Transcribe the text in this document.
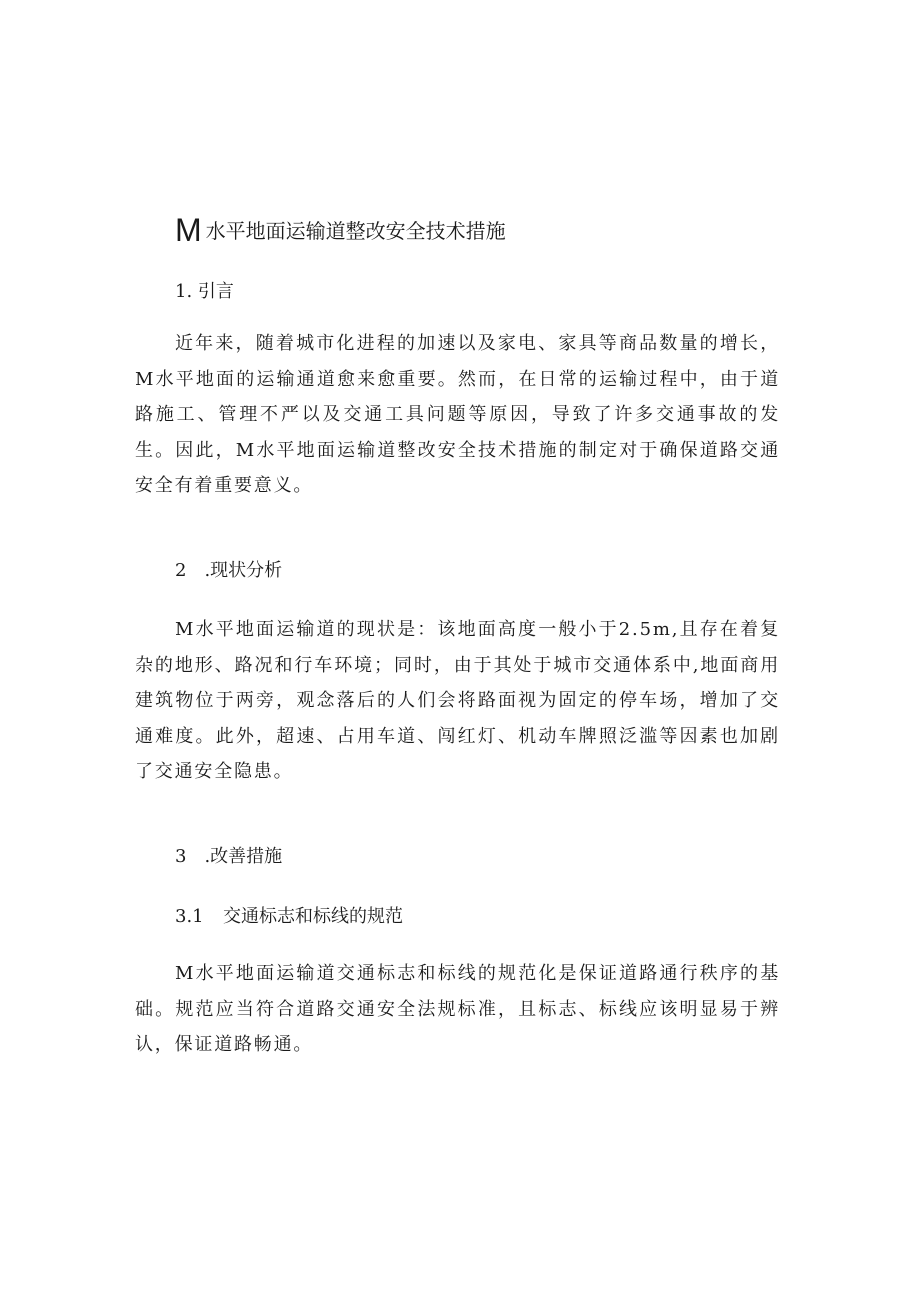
M水平地面运输道整改安全技术措施
1. 引言

近年来，随着城市化进程的加速以及家电、家具等商品数量的增长，M水平地面的运输通道愈来愈重要。然而，在日常的运输过程中，由于道路施工、管理不严以及交通工具问题等原因，导致了许多交通事故的发生。因此，M水平地面运输道整改安全技术措施的制定对于确保道路交通安全有着重要意义。

2　.现状分析

M水平地面运输道的现状是：该地面高度一般小于2.5m,且存在着复杂的地形、路况和行车环境；同时，由于其处于城市交通体系中,地面商用建筑物位于两旁，观念落后的人们会将路面视为固定的停车场，增加了交通难度。此外，超速、占用车道、闯红灯、机动车牌照泛滥等因素也加剧了交通安全隐患。

3　.改善措施
3.1 交通标志和标线的规范

M水平地面运输道交通标志和标线的规范化是保证道路通行秩序的基础。规范应当符合道路交通安全法规标准，且标志、标线应该明显易于辨认，保证道路畅通。
